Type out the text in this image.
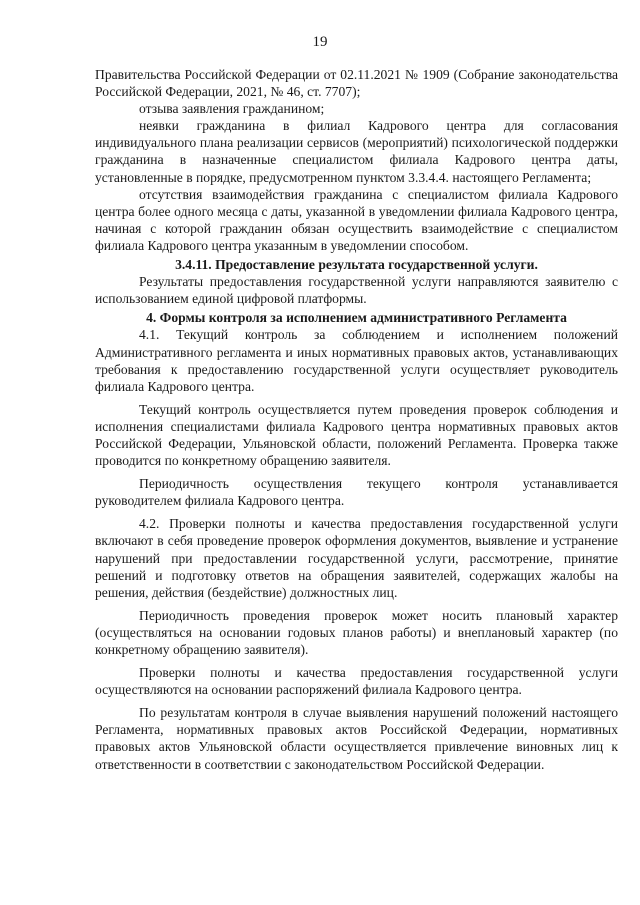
19

Правительства Российской Федерации от 02.11.2021 № 1909 (Собрание законодательства Российской Федерации, 2021, № 46, ст. 7707);

отзыва заявления гражданином;

неявки гражданина в филиал Кадрового центра для согласования индивидуального плана реализации сервисов (мероприятий) психологической поддержки гражданина в назначенные специалистом филиала Кадрового центра даты, установленные в порядке, предусмотренном пунктом 3.3.4.4. настоящего Регламента;

отсутствия взаимодействия гражданина с специалистом филиала Кадрового центра более одного месяца с даты, указанной в уведомлении филиала Кадрового центра, начиная с которой гражданин обязан осуществить взаимодействие с специалистом филиала Кадрового центра указанным в уведомлении способом.

3.4.11. Предоставление результата государственной услуги.

Результаты предоставления государственной услуги направляются заявителю с использованием единой цифровой платформы.

4. Формы контроля за исполнением административного Регламента

4.1. Текущий контроль за соблюдением и исполнением положений Административного регламента и иных нормативных правовых актов, устанавливающих требования к предоставлению государственной услуги осуществляет руководитель филиала Кадрового центра.

Текущий контроль осуществляется путем проведения проверок соблюдения и исполнения специалистами филиала Кадрового центра нормативных правовых актов Российской Федерации, Ульяновской области, положений Регламента. Проверка также проводится по конкретному обращению заявителя.

Периодичность осуществления текущего контроля устанавливается руководителем филиала Кадрового центра.

4.2. Проверки полноты и качества предоставления государственной услуги включают в себя проведение проверок оформления документов, выявление и устранение нарушений при предоставлении государственной услуги, рассмотрение, принятие решений и подготовку ответов на обращения заявителей, содержащих жалобы на решения, действия (бездействие) должностных лиц.

Периодичность проведения проверок может носить плановый характер (осуществляться на основании годовых планов работы) и внеплановый характер (по конкретному обращению заявителя).

Проверки полноты и качества предоставления государственной услуги осуществляются на основании распоряжений филиала Кадрового центра.

По результатам контроля в случае выявления нарушений положений настоящего Регламента, нормативных правовых актов Российской Федерации, нормативных правовых актов Ульяновской области осуществляется привлечение виновных лиц к ответственности в соответствии с законодательством Российской Федерации.
